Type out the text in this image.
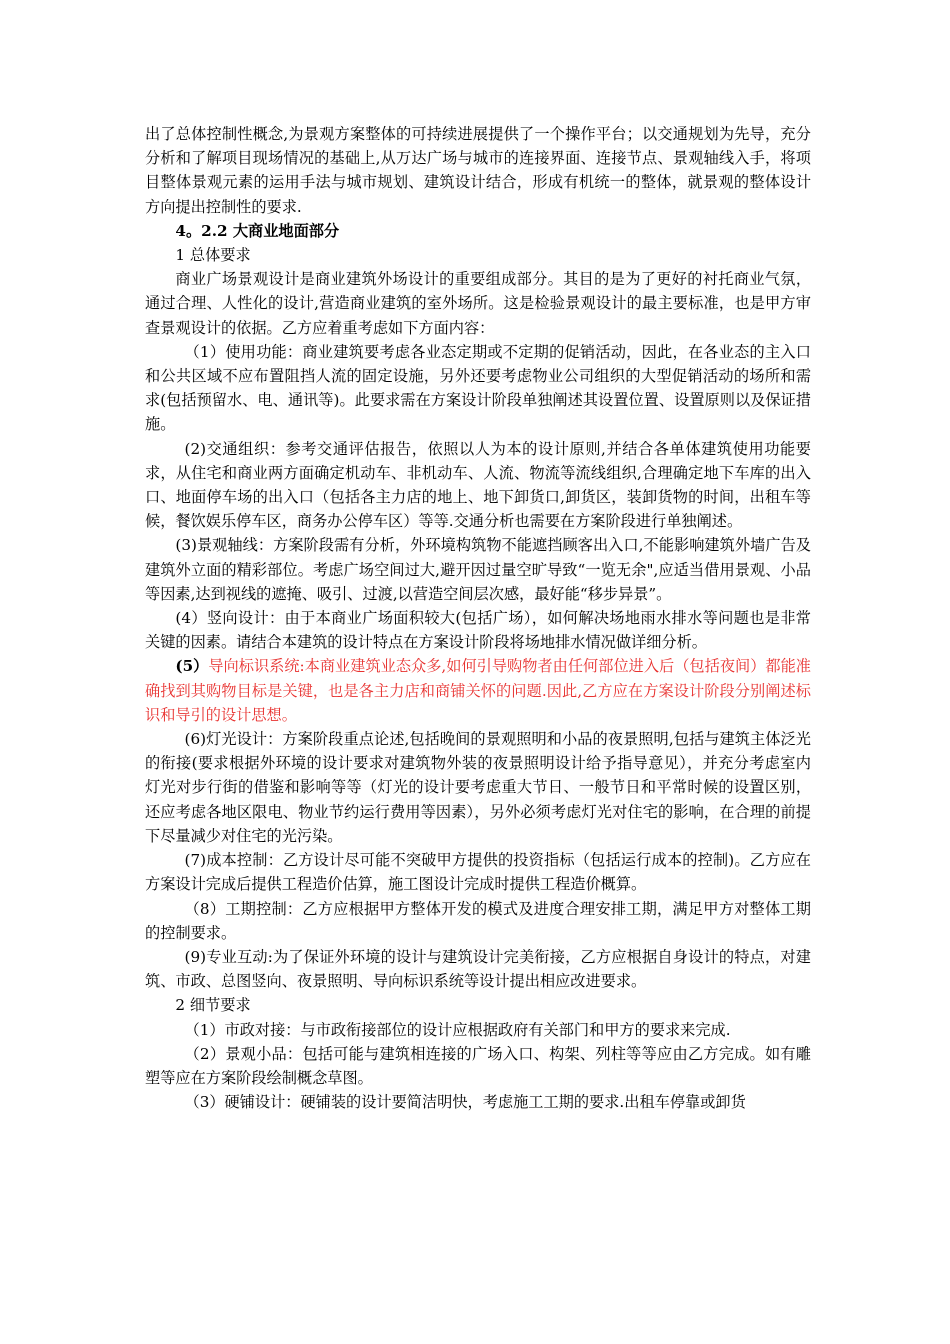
出了总体控制性概念,为景观方案整体的可持续进展提供了一个操作平台；以交通规划为先导，充分分析和了解项目现场情况的基础上,从万达广场与城市的连接界面、连接节点、景观轴线入手，将项目整体景观元素的运用手法与城市规划、建筑设计结合，形成有机统一的整体，就景观的整体设计方向提出控制性的要求.

4。2.2 大商业地面部分

1 总体要求

商业广场景观设计是商业建筑外场设计的重要组成部分。其目的是为了更好的衬托商业气氛，通过合理、人性化的设计,营造商业建筑的室外场所。这是检验景观设计的最主要标准，也是甲方审查景观设计的依据。乙方应着重考虑如下方面内容：

（1）使用功能：商业建筑要考虑各业态定期或不定期的促销活动，因此，在各业态的主入口和公共区域不应布置阻挡人流的固定设施，另外还要考虑物业公司组织的大型促销活动的场所和需求(包括预留水、电、通讯等)。此要求需在方案设计阶段单独阐述其设置位置、设置原则以及保证措施。

(2)交通组织：参考交通评估报告，依照以人为本的设计原则,并结合各单体建筑使用功能要求，从住宅和商业两方面确定机动车、非机动车、人流、物流等流线组织,合理确定地下车库的出入口、地面停车场的出入口（包括各主力店的地上、地下卸货口,卸货区，装卸货物的时间，出租车等候，餐饮娱乐停车区，商务办公停车区）等等.交通分析也需要在方案阶段进行单独阐述。

(3)景观轴线：方案阶段需有分析，外环境构筑物不能遮挡顾客出入口,不能影响建筑外墙广告及建筑外立面的精彩部位。考虑广场空间过大,避开因过量空旷导致“一览无余",应适当借用景观、小品等因素,达到视线的遮掩、吸引、过渡,以营造空间层次感，最好能“移步异景”。

(4）竖向设计：由于本商业广场面积较大(包括广场），如何解决场地雨水排水等问题也是非常关键的因素。请结合本建筑的设计特点在方案设计阶段将场地排水情况做详细分析。

(5）导向标识系统:本商业建筑业态众多,如何引导购物者由任何部位进入后（包括夜间）都能准确找到其购物目标是关键，也是各主力店和商铺关怀的问题.因此,乙方应在方案设计阶段分别阐述标识和导引的设计思想。

(6)灯光设计：方案阶段重点论述,包括晚间的景观照明和小品的夜景照明,包括与建筑主体泛光的衔接(要求根据外环境的设计要求对建筑物外装的夜景照明设计给予指导意见），并充分考虑室内灯光对步行街的借鉴和影响等等（灯光的设计要考虑重大节日、一般节日和平常时候的设置区别，还应考虑各地区限电、物业节约运行费用等因素），另外必须考虑灯光对住宅的影响，在合理的前提下尽量减少对住宅的光污染。

(7)成本控制：乙方设计尽可能不突破甲方提供的投资指标（包括运行成本的控制)。乙方应在方案设计完成后提供工程造价估算，施工图设计完成时提供工程造价概算。

（8）工期控制：乙方应根据甲方整体开发的模式及进度合理安排工期，满足甲方对整体工期的控制要求。

(9)专业互动:为了保证外环境的设计与建筑设计完美衔接，乙方应根据自身设计的特点，对建筑、市政、总图竖向、夜景照明、导向标识系统等设计提出相应改进要求。

2 细节要求

（1）市政对接：与市政衔接部位的设计应根据政府有关部门和甲方的要求来完成.

（2）景观小品：包括可能与建筑相连接的广场入口、构架、列柱等等应由乙方完成。如有雕塑等应在方案阶段绘制概念草图。

（3）硬铺设计：硬铺装的设计要简洁明快，考虑施工工期的要求.出租车停靠或卸货
